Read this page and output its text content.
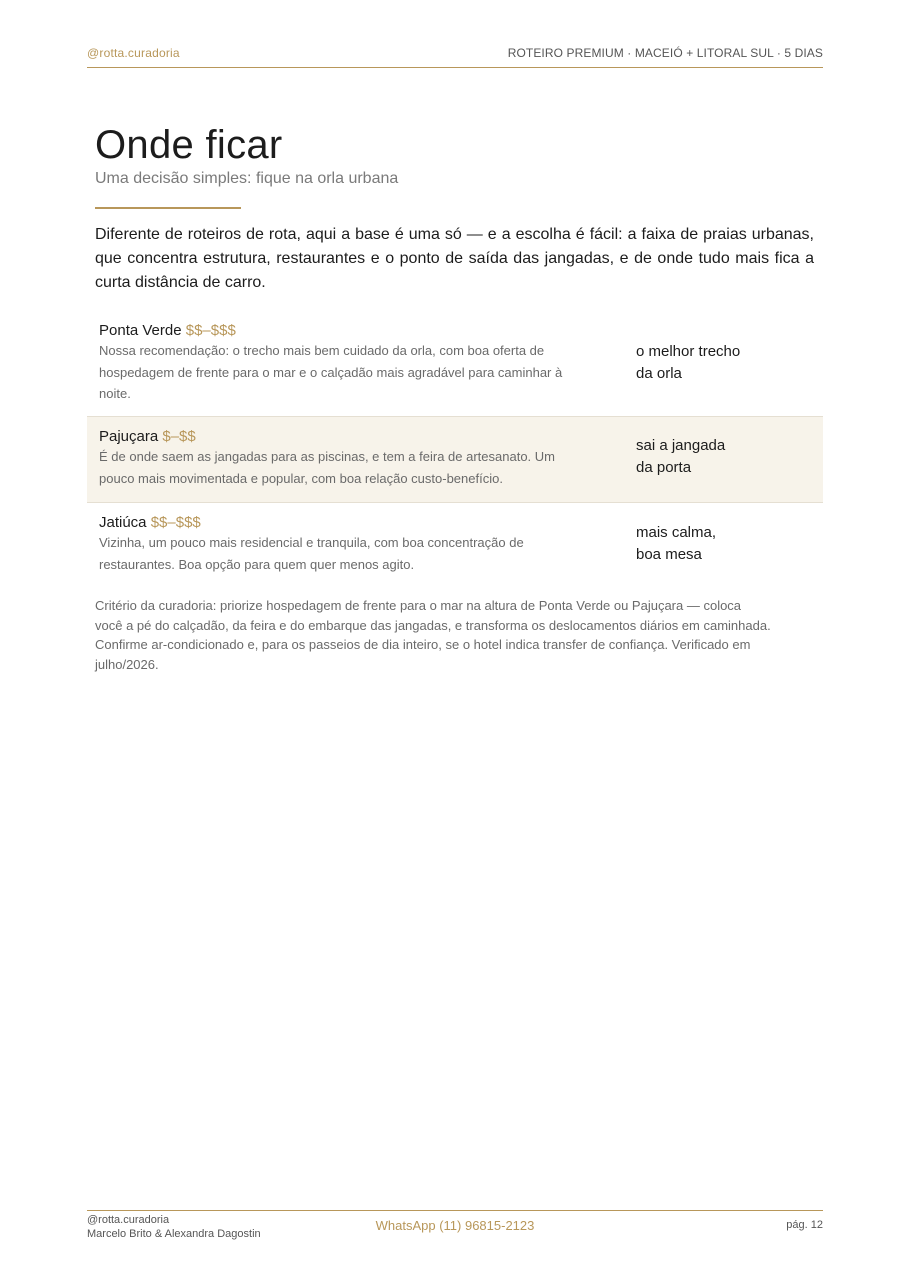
@rotta.curadoria	ROTEIRO PREMIUM · MACEIÓ + LITORAL SUL · 5 DIAS
Onde ficar
Uma decisão simples: fique na orla urbana

Diferente de roteiros de rota, aqui a base é uma só — e a escolha é fácil: a faixa de praias urbanas, que concentra estrutura, restaurantes e o ponto de saída das jangadas, e de onde tudo mais fica a curta distância de carro.

Ponta Verde $$–$$$
Nossa recomendação: o trecho mais bem cuidado da orla, com boa oferta de
hospedagem de frente para o mar e o calçadão mais agradável para caminhar à
noite.
o melhor trecho
da orla
Pajuçara $–$$
É de onde saem as jangadas para as piscinas, e tem a feira de artesanato. Um
pouco mais movimentada e popular, com boa relação custo-benefício.
sai a jangada
da porta
Jatiúca $$–$$$
Vizinha, um pouco mais residencial e tranquila, com boa concentração de
restaurantes. Boa opção para quem quer menos agito.
mais calma,
boa mesa
Critério da curadoria: priorize hospedagem de frente para o mar na altura de Ponta Verde ou Pajuçara — coloca
você a pé do calçadão, da feira e do embarque das jangadas, e transforma os deslocamentos diários em caminhada.
Confirme ar-condicionado e, para os passeios de dia inteiro, se o hotel indica transfer de confiança. Verificado em
julho/2026.
@rotta.curadoria
Marcelo Brito & Alexandra Dagostin
WhatsApp (11) 96815-2123	pág. 12
